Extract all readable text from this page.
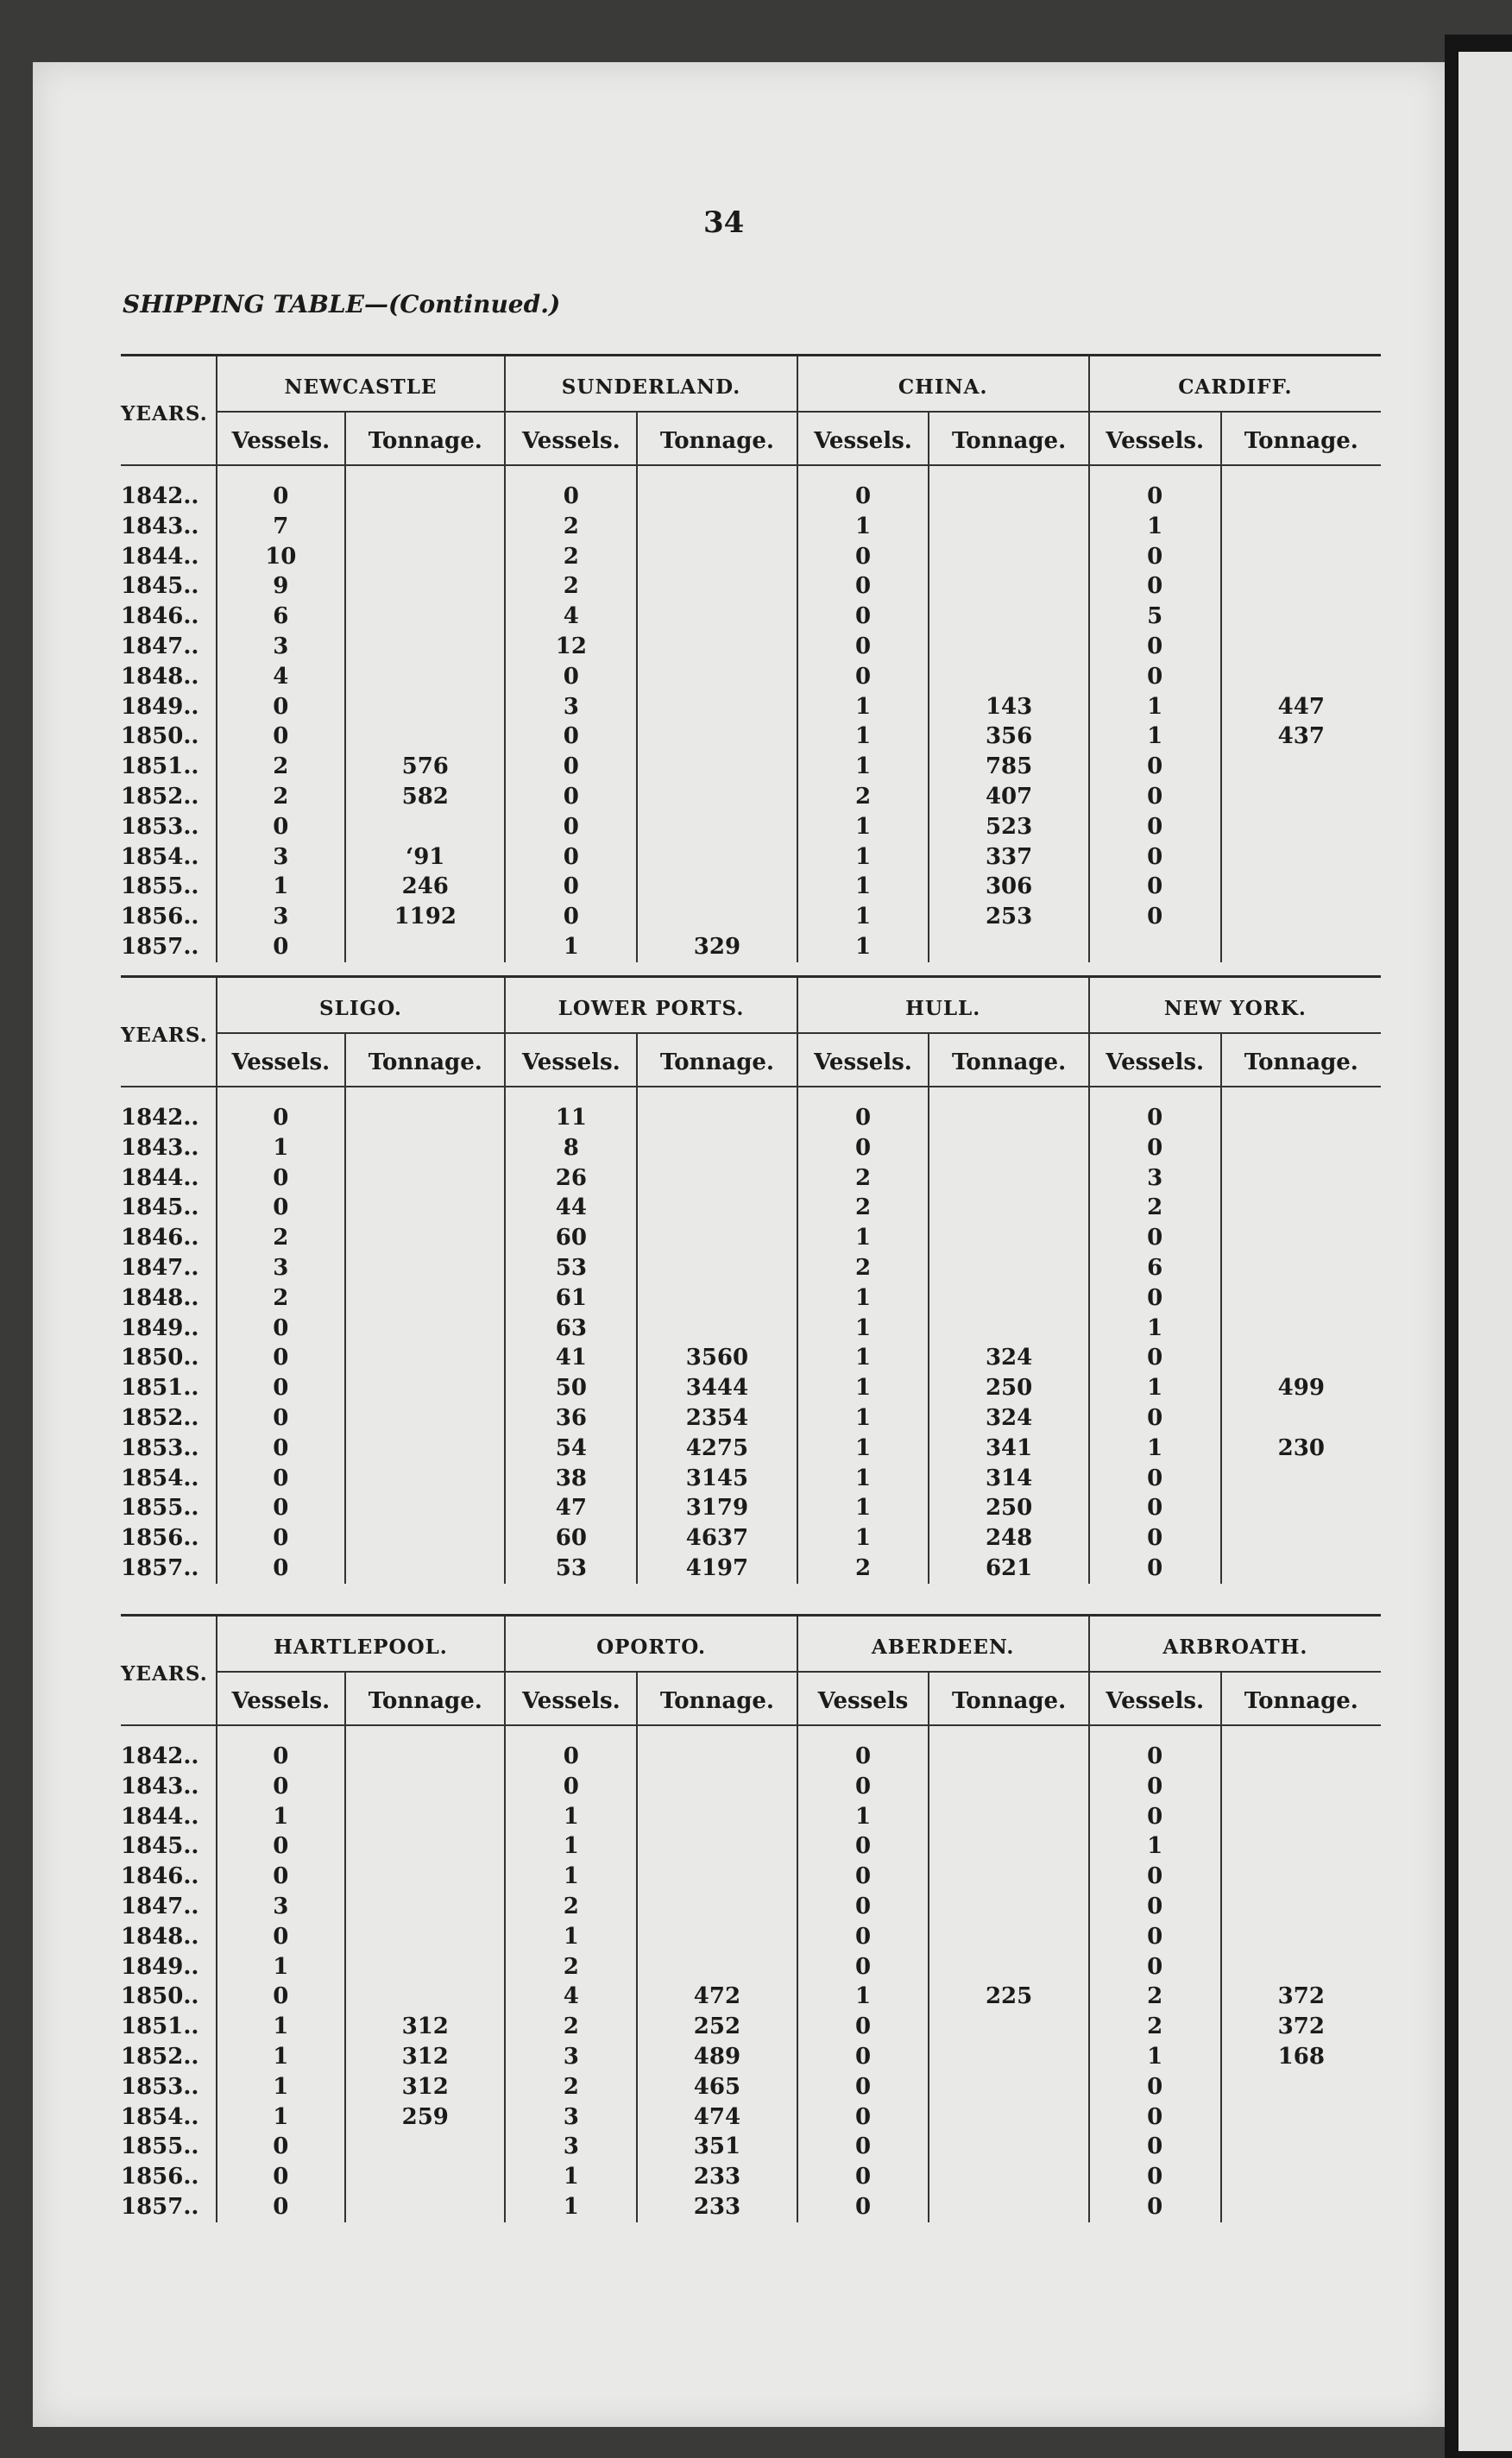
34
SHIPPING TABLE—(Continued.)
YEARS.	NEWCASTLE		SUNDERLAND.		CHINA.		CARDIFF.	
	Vessels.	Tonnage.	Vessels.	Tonnage.	Vessels.	Tonnage.	Vessels.	Tonnage.
1842..	0		0		0		0	
1843..	7		2		1		1	
1844..	10		2		0		0	
1845..	9		2		0		0	
1846..	6		4		0		5	
1847..	3		12		0		0	
1848..	4		0		0		0	
1849..	0		3		1	143	1	447
1850..	0		0		1	356	1	437
1851..	2	576	0		1	785	0	
1852..	2	582	0		2	407	0	
1853..	0		0		1	523	0	
1854..	3	‘91	0		1	337	0	
1855..	1	246	0		1	306	0	
1856..	3	1192	0		1	253	0	
1857..	0		1	329	1			
YEARS.	SLIGO.		LOWER PORTS.		HULL.		NEW YORK.	
	Vessels.	Tonnage.	Vessels.	Tonnage.	Vessels.	Tonnage.	Vessels.	Tonnage.
1842..	0		11		0		0	
1843..	1		8		0		0	
1844..	0		26		2		3	
1845..	0		44		2		2	
1846..	2		60		1		0	
1847..	3		53		2		6	
1848..	2		61		1		0	
1849..	0		63		1		1	
1850..	0		41	3560	1	324	0	
1851..	0		50	3444	1	250	1	499
1852..	0		36	2354	1	324	0	
1853..	0		54	4275	1	341	1	230
1854..	0		38	3145	1	314	0	
1855..	0		47	3179	1	250	0	
1856..	0		60	4637	1	248	0	
1857..	0		53	4197	2	621	0	
YEARS.	HARTLEPOOL.		OPORTO.		ABERDEEN.		ARBROATH.	
	Vessels.	Tonnage.	Vessels.	Tonnage.	Vessels	Tonnage.	Vessels.	Tonnage.
1842..	0		0		0		0	
1843..	0		0		0		0	
1844..	1		1		1		0	
1845..	0		1		0		1	
1846..	0		1		0		0	
1847..	3		2		0		0	
1848..	0		1		0		0	
1849..	1		2		0		0	
1850..	0		4	472	1	225	2	372
1851..	1	312	2	252	0		2	372
1852..	1	312	3	489	0		1	168
1853..	1	312	2	465	0		0	
1854..	1	259	3	474	0		0	
1855..	0		3	351	0		0	
1856..	0		1	233	0		0	
1857..	0		1	233	0		0	
